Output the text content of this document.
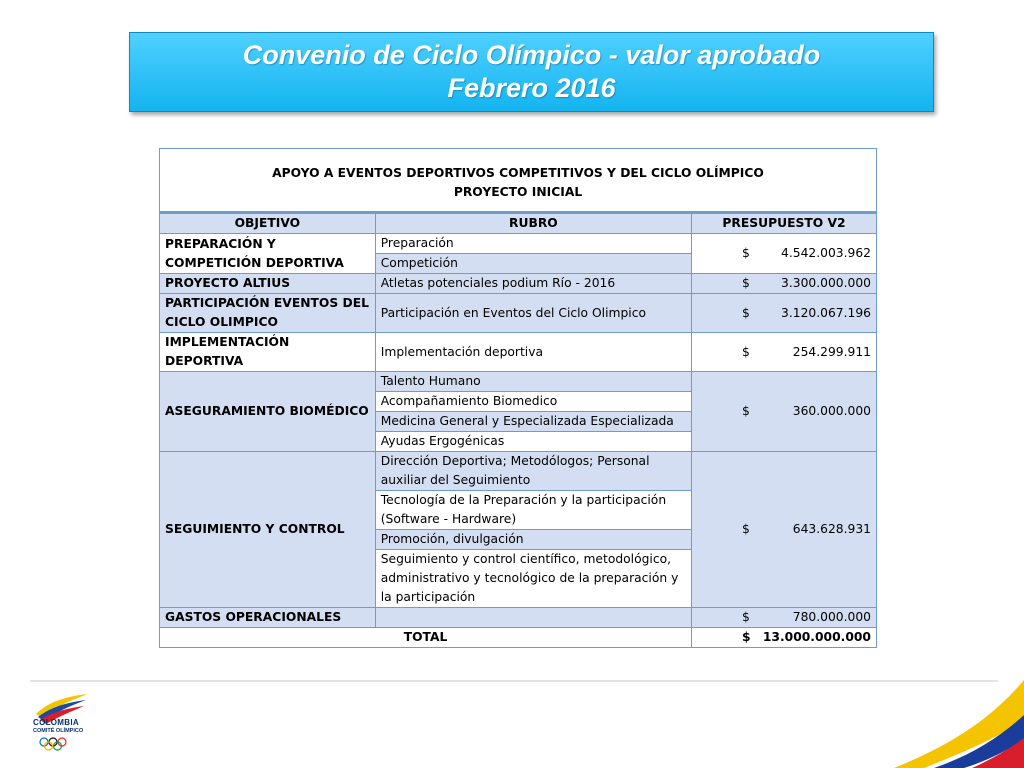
Convenio de Ciclo Olímpico - valor aprobado
Febrero 2016
APOYO A EVENTOS DEPORTIVOS COMPETITIVOS Y DEL CICLO OLÍMPICO
PROYECTO INICIAL		

OBJETIVO	RUBRO	PRESUPUESTO V2
PREPARACIÓN Y COMPETICIÓN DEPORTIVA	Preparación	$ 4.542.003.962

	Competición	
PROYECTO ALTIUS	Atletas potenciales podium Río - 2016	$ 3.300.000.000

PARTICIPACIÓN EVENTOS DEL CICLO OLIMPICO	Participación en Eventos del Ciclo Olimpico	$ 3.120.067.196

IMPLEMENTACIÓN DEPORTIVA	Implementación deportiva	$ 254.299.911

ASEGURAMIENTO BIOMÉDICO	Talento Humano	$ 360.000.000

	Acompañamiento Biomedico	
	Medicina General y Especializada Especializada	
	Ayudas Ergogénicas	
SEGUIMIENTO Y CONTROL	Dirección Deportiva; Metodólogos; Personal auxiliar del Seguimiento	$ 643.628.931

	Tecnología de la Preparación y la participación (Software - Hardware)	
	Promoción, divulgación	
	Seguimiento y control científico, metodológico, administrativo y tecnológico de la preparación y la participación	
GASTOS OPERACIONALES		$ 780.000.000

TOTAL		$ 13.000.000.000
COLOMBIA
COMITÉ OLÍMPICO
